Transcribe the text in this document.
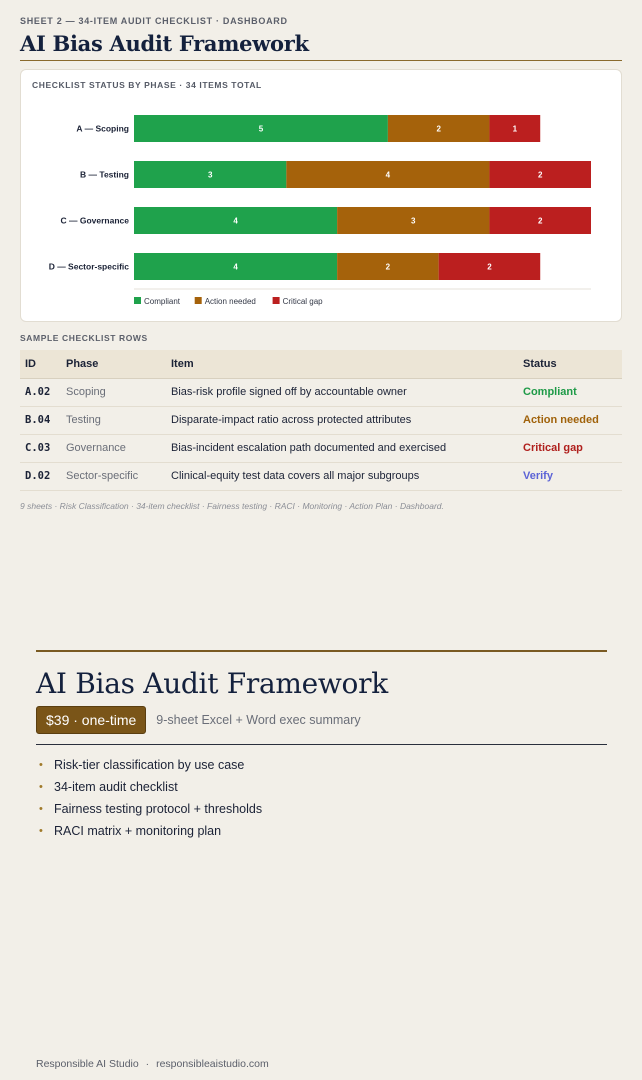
SHEET 2 — 34-ITEM AUDIT CHECKLIST · DASHBOARD
AI Bias Audit Framework
CHECKLIST STATUS BY PHASE · 34 ITEMS TOTAL
A — Scoping	5	2	1
B — Testing	3	4	2
C — Governance	4	3	2
D — Sector-specific	4	2	2
Compliant	Action needed	Critical gap
SAMPLE CHECKLIST ROWS
ID	Phase	Item	Status
A.02	Scoping	Bias-risk profile signed off by accountable owner	Compliant
B.04	Testing	Disparate-impact ratio across protected attributes	Action needed
C.03	Governance	Bias-incident escalation path documented and exercised	Critical gap
D.02	Sector-specific	Clinical-equity test data covers all major subgroups	Verify
9 sheets · Risk Classification · 34-item checklist · Fairness testing · RACI · Monitoring · Action Plan · Dashboard.
AI Bias Audit Framework
$39 · one-time	9-sheet Excel + Word exec summary
• Risk-tier classification by use case
• 34-item audit checklist
• Fairness testing protocol + thresholds
• RACI matrix + monitoring plan
Responsible AI Studio · responsibleaistudio.com
